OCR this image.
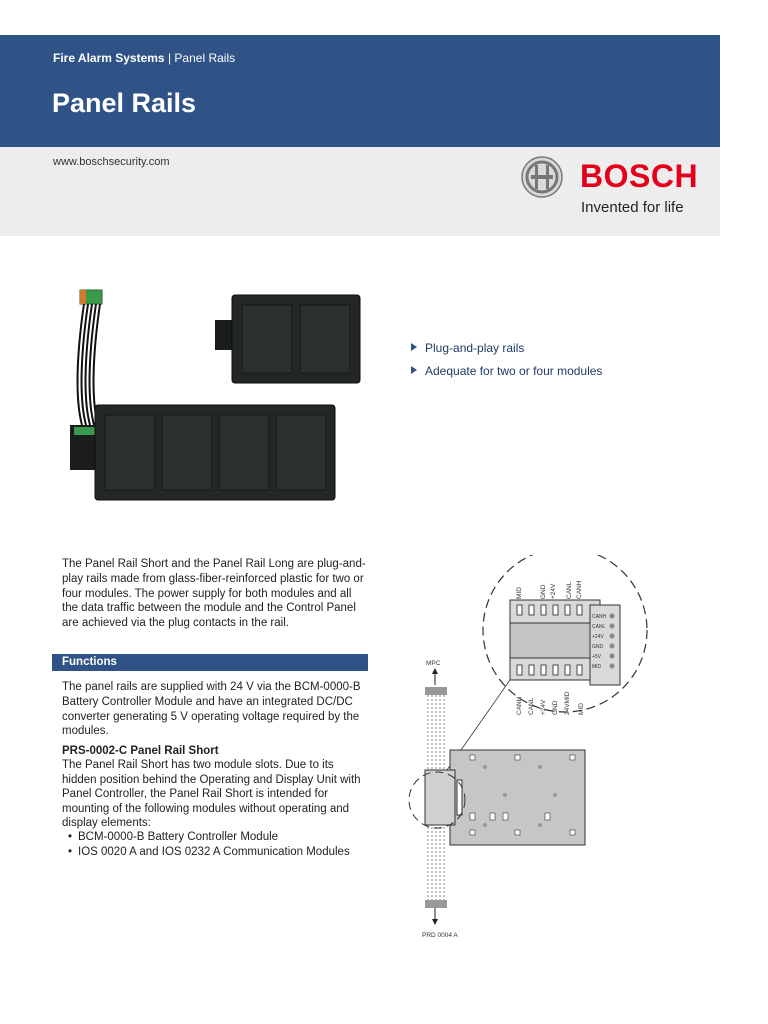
Fire Alarm Systems | Panel Rails
Panel Rails
www.boschsecurity.com	BOSCH
Invented for life
Plug-and-play rails
Adequate for two or four modules
The Panel Rail Short and the Panel Rail Long are plug-and-play rails made from glass-fiber-reinforced plastic for two or four modules. The power supply for both modules and all the data traffic between the module and the Control Panel are achieved via the plug contacts in the rail.
Functions
The panel rails are supplied with 24 V via the BCM-0000-B Battery Controller Module and have an integrated DC/DC converter generating 5 V operating voltage required by the modules.
PRS-0002-C Panel Rail Short
The Panel Rail Short has two module slots. Due to its hidden position behind the Operating and Display Unit with Panel Controller, the Panel Rail Short is intended for mounting of the following modules without operating and display elements:
• BCM-0000-B Battery Controller Module
• IOS 0020 A and IOS 0232 A Communication Modules
MID	GND +24V CANL CANH
CANH
CANL
+24V
GND
+5V
MID
CANH CANL +24V GND 24VMID MID
MPC
PRD 0004 A
